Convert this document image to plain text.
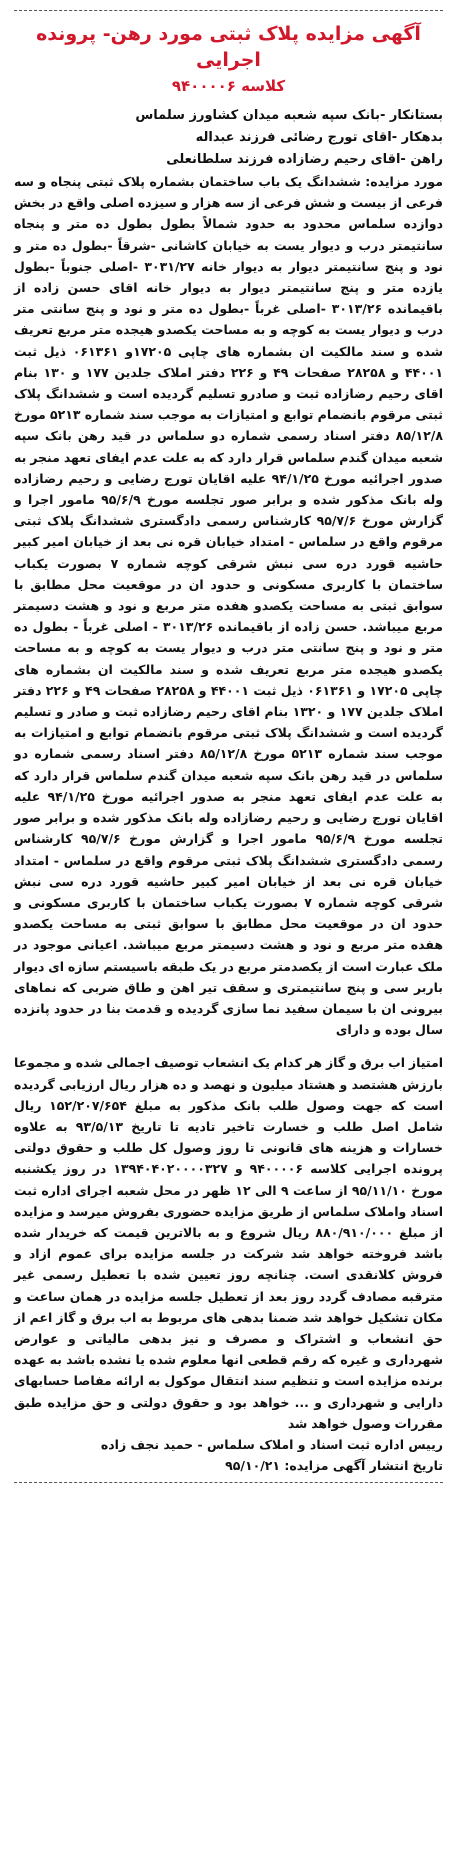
آگهی مزایده پلاک ثبتی مورد رهن- پرونده اجرایی
کلاسه ۹۴۰۰۰۰۶

بستانکار -بانک سپه شعبه میدان کشاورز سلماس

بدهکار -اقای تورج رضائی فرزند عبداله

راهن -اقای رحیم رضازاده فرزند سلطانعلی

مورد مزایده: ششدانگ یک باب ساختمان بشماره پلاک ثبتی پنجاه و سه فرعی از بیست و شش فرعی از سه هزار و سیزده اصلی واقع در بخش دوازده سلماس محدود به حدود شمالاً بطول بطول ده متر و پنجاه سانتیمتر درب و دیوار یست به خیابان کاشانی -شرقاً -بطول ده متر و نود و پنج سانتیمتر دیوار به دیوار خانه ۳۰۳۱/۲۷ -اصلی جنوباً -بطول یازده متر و پنج سانتیمتر دیوار به دیوار خانه اقای حسن زاده از باقیمانده ۳۰۱۳/۲۶ -اصلی غرباً -بطول ده متر و نود و پنج سانتی متر درب و دیوار یست به کوچه و به مساحت یکصدو هیجده متر مربع تعریف شده و سند مالکیت ان بشماره های چاپی ۱۷۲۰۵و ۰۶۱۳۶۱ ذیل ثبت ۴۴۰۰۱ و ۲۸۲۵۸ صفحات ۴۹ و ۲۲۶ دفتر املاک جلدین ۱۷۷ و ۱۳۰ بنام اقای رحیم رضازاده ثبت و صادرو تسلیم گردیده است و ششدانگ پلاک ثبتی مرقوم بانضمام توابع و امتیازات به موجب سند شماره ۵۲۱۳ مورخ ۸۵/۱۲/۸ دفتر اسناد رسمی شماره دو سلماس در قید رهن بانک سپه شعبه میدان گندم سلماس قرار دارد که به علت عدم ایفای تعهد منجر به صدور اجرائیه مورخ ۹۴/۱/۲۵ علیه اقایان تورج رضایی و رحیم رضازاده وله بانک مذکور شده و برابر صور تجلسه مورخ ۹۵/۶/۹ مامور اجرا و گزارش مورخ ۹۵/۷/۶ کارشناس رسمی دادگستری ششدانگ پلاک ثبتی مرقوم واقع در سلماس - امتداد خیابان قره نی بعد از خیابان امیر کبیر حاشیه قورد دره سی نبش شرقی کوچه شماره ۷ بصورت یکباب ساختمان با کاربری مسکونی و حدود ان در موقعیت محل مطابق با سوابق ثبتی به مساحت یکصدو هفده متر مربع و نود و هشت دسیمتر مربع میباشد. حسن زاده از باقیمانده ۳۰۱۳/۲۶ - اصلی غرباً - بطول ده متر و نود و پنج سانتی متر درب و دیوار یست به کوچه و به مساحت یکصدو هیجده متر مربع تعریف شده و سند مالکیت ان بشماره های چاپی ۱۷۲۰۵ و ۰۶۱۳۶۱ ذیل ثبت ۴۴۰۰۱ و ۲۸۲۵۸ صفحات ۴۹ و ۲۲۶ دفتر املاک جلدین ۱۷۷ و ۱۳۲۰ بنام اقای رحیم رضازاده ثبت و صادر و تسلیم گردیده است و ششدانگ پلاک ثبتی مرقوم بانضمام توابع و امتیازات به موجب سند شماره ۵۲۱۳ مورخ ۸۵/۱۲/۸ دفتر اسناد رسمی شماره دو سلماس در قید رهن بانک سپه شعبه میدان گندم سلماس قرار دارد که به علت عدم ایفای تعهد منجر به صدور اجرائیه مورخ ۹۴/۱/۲۵ علیه اقایان تورج رضایی و رحیم رضازاده وله بانک مذکور شده و برابر صور تجلسه مورخ ۹۵/۶/۹ مامور اجرا و گزارش مورخ ۹۵/۷/۶ کارشناس رسمی دادگستری ششدانگ پلاک ثبتی مرقوم واقع در سلماس - امتداد خیابان قره نی بعد از خیابان امیر کبیر حاشیه قورد دره سی نبش شرقی کوچه شماره ۷ بصورت یکباب ساختمان با کاربری مسکونی و حدود ان در موقعیت محل مطابق با سوابق ثبتی به مساحت یکصدو هفده متر مربع و نود و هشت دسیمتر مربع میباشد. اعیانی موجود در ملک عبارت است از یکصدمتر مربع در یک طبقه باسیستم سازه ای دیوار باربر سی و پنج سانتیمتری و سقف تیر اهن و طاق ضربی که نماهای بیرونی ان با سیمان سفید نما سازی گردیده و قدمت بنا در حدود پانزده سال بوده و دارای

امتیاز اب برق و گاز هر کدام یک انشعاب توصیف اجمالی شده و مجموعا بارزش هشتصد و هشتاد میلیون و نهصد و ده هزار ریال ارزیابی گردیده است که جهت وصول طلب بانک مذکور به مبلغ ۱۵۲/۲۰۷/۶۵۴ ریال شامل اصل طلب و خسارت تاخیر تادیه تا تاریخ ۹۳/۵/۱۳ به علاوه خسارات و هزینه های قانونی تا روز وصول کل طلب و حقوق دولتی پرونده اجرایی کلاسه ۹۴۰۰۰۰۶ و ۱۳۹۴۰۴۰۲۰۰۰۰۳۲۷ در روز یکشنبه مورخ ۹۵/۱۱/۱۰ از ساعت ۹ الی ۱۲ ظهر در محل شعبه اجرای اداره ثبت اسناد واملاک سلماس از طریق مزایده حضوری بفروش میرسد و مزایده از مبلغ ۸۸۰/۹۱۰/۰۰۰ ریال شروع و به بالاترین قیمت که خریدار شده باشد فروخته خواهد شد شرکت در جلسه مزایده برای عموم ازاد و فروش کلانقدی است. چنانچه روز تعیین شده با تعطیل رسمی غیر مترقبه مصادف گردد روز بعد از تعطیل جلسه مزایده در همان ساعت و مکان تشکیل خواهد شد ضمنا بدهی های مربوط به اب برق و گاز اعم از حق انشعاب و اشتراک و مصرف و نیز بدهی مالیاتی و عوارض شهرداری و غیره که رقم قطعی انها معلوم شده یا نشده باشد به عهده برنده مزایده است و تنظیم سند انتقال موکول به ارائه مفاصا حسابهای دارایی و شهرداری و ... خواهد بود و حقوق دولتی و حق مزایده طبق مقررات وصول خواهد شد

رییس اداره ثبت اسناد و املاک سلماس - حمید نجف زاده

تاریخ انتشار آگهی مزایده: ۹۵/۱۰/۲۱
